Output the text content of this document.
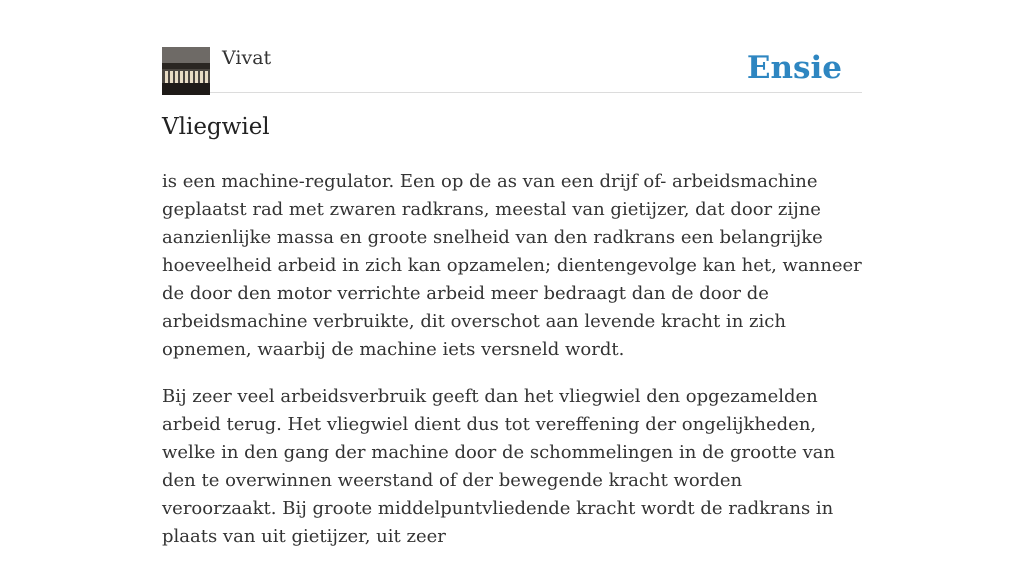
Vivat	Ensie
Vliegwiel

is een machine-regulator. Een op de as van een drijf of- arbeidsmachine geplaatst rad met zwaren radkrans, meestal van gietijzer, dat door zijne aanzienlijke massa en groote snelheid van den radkrans een belangrijke hoeveelheid arbeid in zich kan opzamelen; dientengevolge kan het, wanneer de door den motor verrichte arbeid meer bedraagt dan de door de arbeidsmachine verbruikte, dit overschot aan levende kracht in zich opnemen, waarbij de machine iets versneld wordt.

Bij zeer veel arbeidsverbruik geeft dan het vliegwiel den opgezamelden arbeid terug. Het vliegwiel dient dus tot vereffening der ongelijkheden, welke in den gang der machine door de schommelingen in de grootte van den te overwinnen weerstand of der bewegende kracht worden veroorzaakt. Bij groote middelpuntvliedende kracht wordt de radkrans in plaats van uit gietijzer, uit zeer
